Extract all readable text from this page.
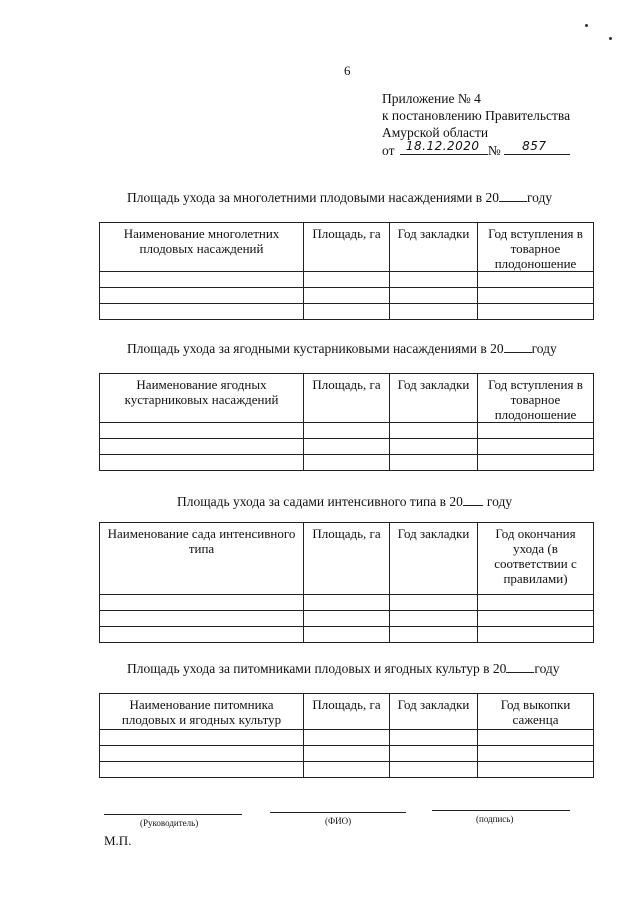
6
Приложение № 4
к постановлению Правительства
Амурской области
от 18.12.2020 № 857
Площадь ухода за многолетними плодовыми насаждениями в 20 году
Наименование многолетних плодовых насаждений	Площадь, га	Год закладки	Год вступления в товарное плодоношение

Площадь ухода за ягодными кустарниковыми насаждениями в 20 году
Наименование ягодных кустарниковых насаждений	Площадь, га	Год закладки	Год вступления в товарное плодоношение

Площадь ухода за садами интенсивного типа в 20 году
Наименование сада интенсивного типа	Площадь, га	Год закладки	Год окончания ухода (в соответствии с правилами)

Площадь ухода за питомниками плодовых и ягодных культур в 20 году
Наименование питомника плодовых и ягодных культур	Площадь, га	Год закладки	Год выкопки саженца

(Руководитель)	(ФИО)	(подпись)
М.П.
